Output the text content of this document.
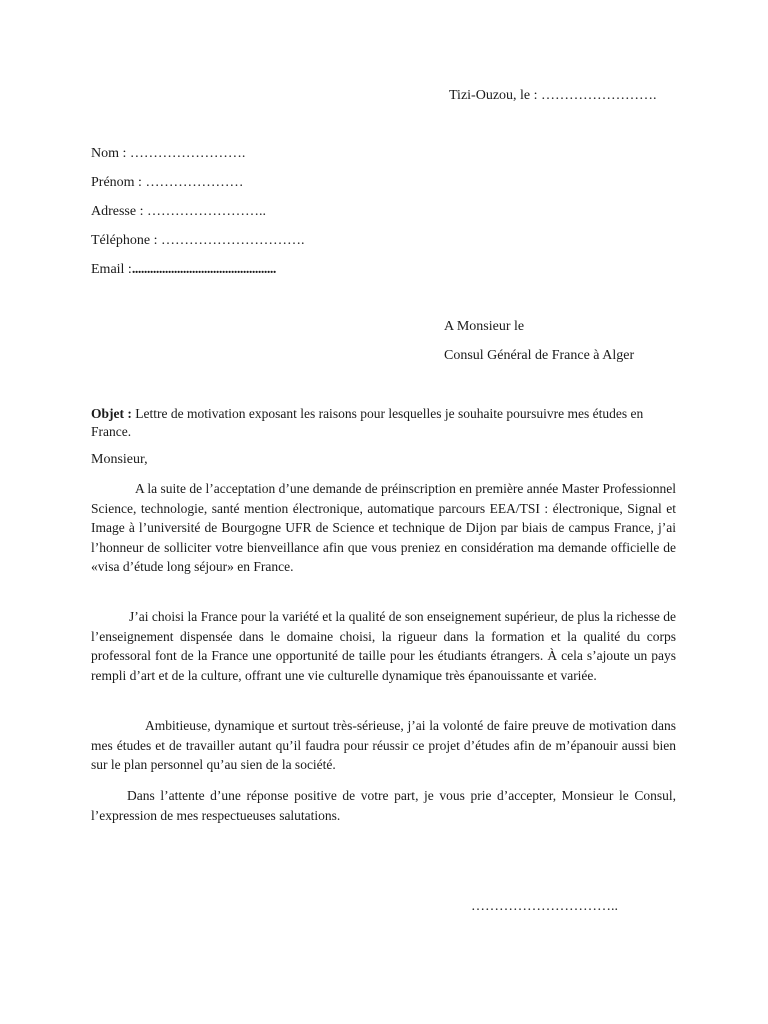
Tizi-Ouzou, le : …………………….
Nom : …………………….
Prénom : …………………
Adresse : ……………………..
Téléphone : ………………………….
Email :................................................
A Monsieur le
Consul Général de France à Alger
Objet : Lettre de motivation exposant les raisons pour lesquelles je souhaite poursuivre mes études en France.
Monsieur,
A la suite de l’acceptation d’une demande de préinscription en première année Master Professionnel Science, technologie, santé mention électronique, automatique parcours EEA/TSI : électronique, Signal et Image à l’université de Bourgogne UFR de Science et technique de Dijon par biais de campus France, j’ai l’honneur de solliciter votre bienveillance afin que vous preniez en considération ma demande officielle de «visa d’étude long séjour» en France.
J’ai choisi la France pour la variété et la qualité de son enseignement supérieur, de plus la richesse de l’enseignement dispensée dans le domaine choisi, la rigueur dans la formation et la qualité du corps professoral font de la France une opportunité de taille pour les étudiants étrangers. À cela s’ajoute un pays rempli d’art et de la culture, offrant une vie culturelle dynamique très épanouissante et variée.
Ambitieuse, dynamique et surtout très-sérieuse, j’ai la volonté de faire preuve de motivation dans mes études et de travailler autant qu’il faudra pour réussir ce projet d’études afin de m’épanouir aussi bien sur le plan personnel qu’au sien de la société.
Dans l’attente d’une réponse positive de votre part, je vous prie d’accepter, Monsieur le Consul, l’expression de mes respectueuses salutations.
…………………………..
